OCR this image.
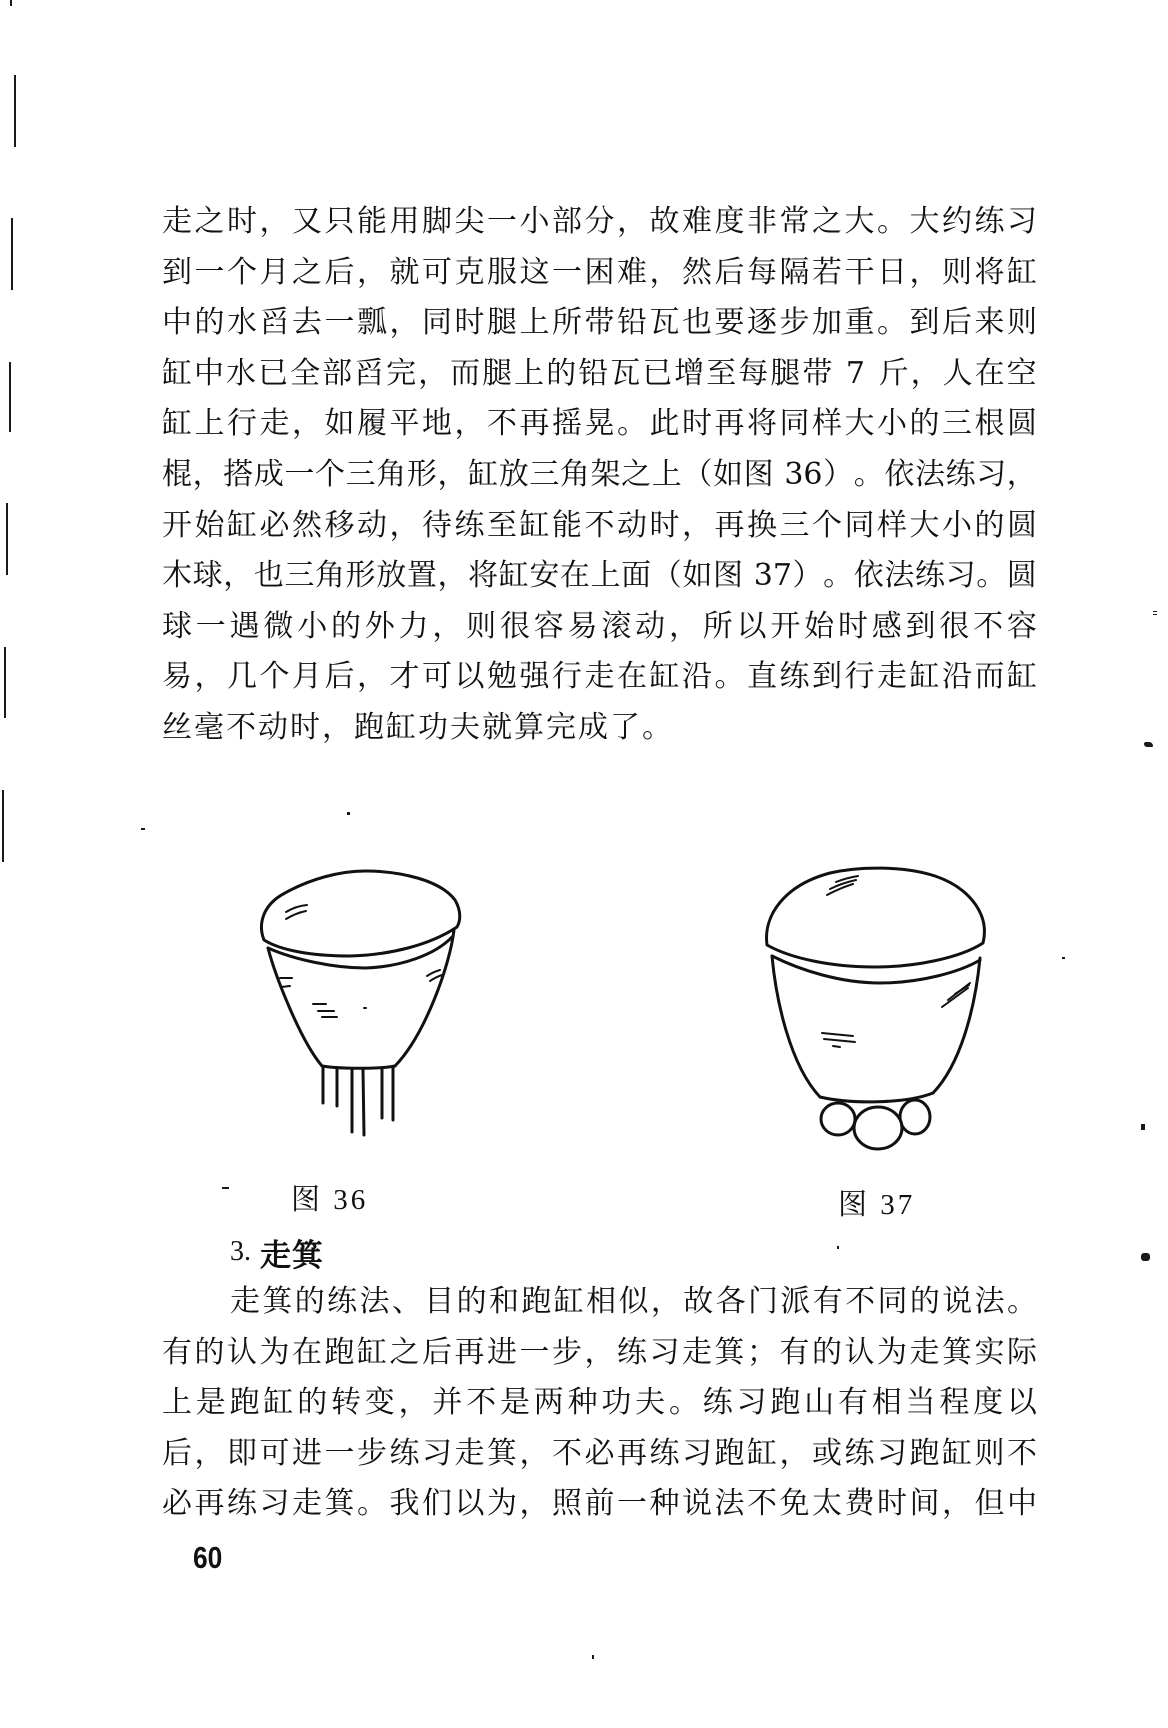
走 之 时 ， 又 只 能 用 脚 尖 一 小 部 分 ， 故 难 度 非 常 之 大 。 大 约 练 习
到 一 个 月 之 后 ， 就 可 克 服 这 一 困 难 ， 然 后 每 隔 若 干 日 ， 则 将 缸
中 的 水 舀 去 一 瓢 ， 同 时 腿 上 所 带 铅 瓦 也 要 逐 步 加 重 。 到 后 来 则
缸 中 水 已 全 部 舀 完 ， 而 腿 上 的 铅 瓦 已 增 至 每 腿 带
7
斤 ， 人 在 空
缸 上 行 走 ， 如 履 平 地 ， 不 再 摇 晃 。 此 时 再 将 同 样 大 小 的 三 根 圆
棍 ， 搭 成 一 个 三 角 形 ， 缸 放 三 角 架 之 上 （ 如 图
36 ） 。 依 法 练 习 ，
开 始 缸 必 然 移 动 ， 待 练 至 缸 能 不 动 时 ， 再 换 三 个 同 样 大 小 的 圆
木 球 ， 也 三 角 形 放 置 ， 将 缸 安 在 上 面 （ 如 图
37 ） 。 依 法 练 习 。 圆
球 一 遇 微 小 的 外 力 ， 则 很 容 易 滚 动 ， 所 以 开 始 时 感 到 很 不 容
易 ， 几 个 月 后 ， 才 可 以 勉 强 行 走 在 缸 沿 。 直 练 到 行 走 缸 沿 而 缸
丝 毫 不 动 时 ， 跑 缸 功 夫 就 算 完 成 了 。
图 36	图 37
3. 走箕
走 箕 的 练 法 、 目 的 和 跑 缸 相 似 ， 故 各 门 派 有 不 同 的 说 法 。
有 的 认 为 在 跑 缸 之 后 再 进 一 步 ， 练 习 走 箕 ； 有 的 认 为 走 箕 实 际
上 是 跑 缸 的 转 变 ， 并 不 是 两 种 功 夫 。 练 习 跑 山 有 相 当 程 度 以
后 ， 即 可 进 一 步 练 习 走 箕 ， 不 必 再 练 习 跑 缸 ， 或 练 习 跑 缸 则 不
必 再 练 习 走 箕 。 我 们 以 为 ， 照 前 一 种 说 法 不 免 太 费 时 间 ， 但 中
60
